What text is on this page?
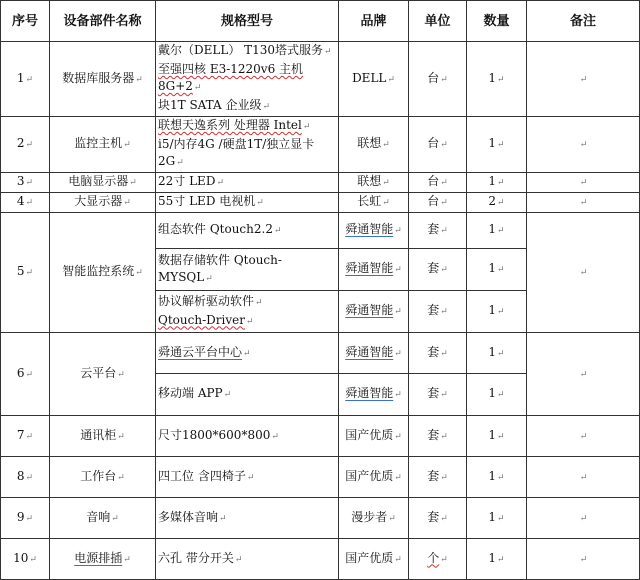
序号	设备部件名称	规格型号	品牌	单位	数量	备注
1↵	数据库服务器↵	戴尔（DELL） T130塔式服务↵
至强四核 E3-1220v6 主机 8G+2↵
块1T SATA 企业级↵	DELL↵	台↵	1↵	↵
2↵	监控主机↵	联想天逸系列 处理器 Intel↵
i5/内存4G /硬盘1T/独立显卡2G↵	联想↵	台↵	1↵	↵
3↵	电脑显示器↵	22寸 LED↵	联想↵	台↵	1↵	↵
4↵	大显示器↵	55寸 LED 电视机↵	长虹↵	台↵	2↵	↵
5↵	智能监控系统↵	组态软件 Qtouch2.2↵	舜通智能↵	套↵	1↵	↵
		数据存储软件 Qtouch-MYSQL↵	舜通智能↵	套↵	1↵	
		协议解析驱动软件↵
Qtouch-Driver↵	舜通智能↵	套↵	1↵	
6↵	云平台↵	舜通云平台中心↵	舜通智能↵	套↵	1↵	↵
		移动端 APP↵	舜通智能↵	套↵	1↵	
7↵	通讯柜↵	尺寸1800*600*800↵	国产优质↵	套↵	1↵	↵
8↵	工作台↵	四工位 含四椅子↵	国产优质↵	套↵	1↵	↵
9↵	音响↵	多媒体音响↵	漫步者↵	套↵	1↵	↵
10↵	电源排插↵	六孔 带分开关↵	国产优质↵	个↵	1↵	↵
